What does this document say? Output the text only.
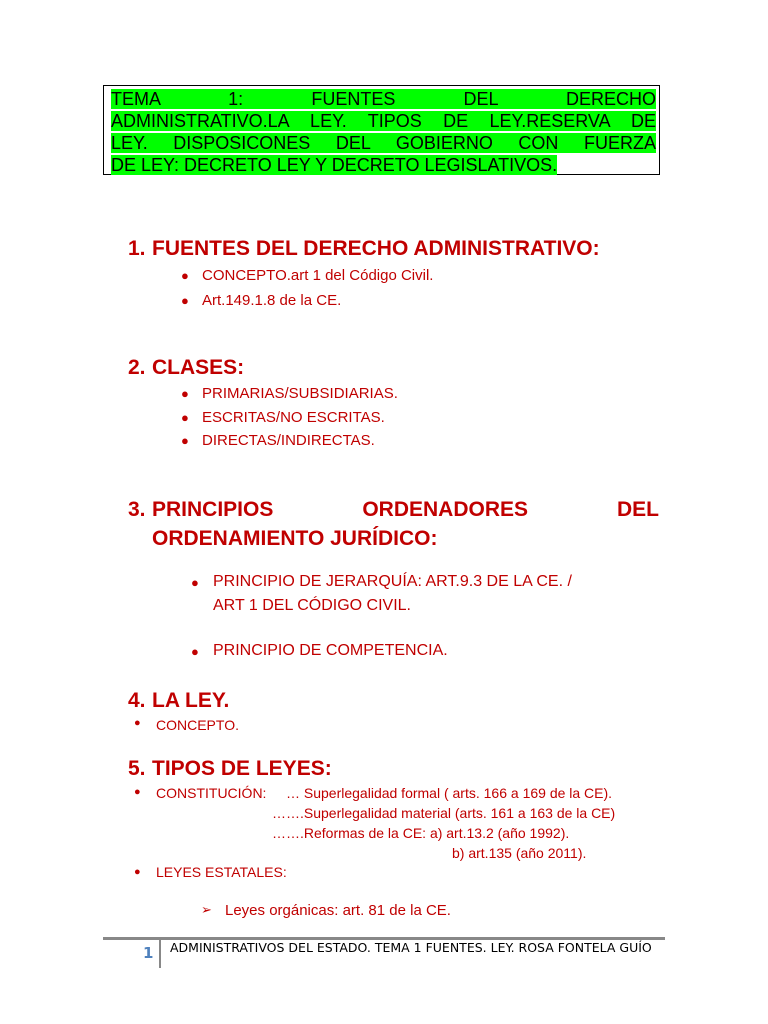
TEMA 1: FUENTES DEL DERECHO
ADMINISTRATIVO.LA LEY. TIPOS DE LEY.RESERVA DE
LEY. DISPOSICONES DEL GOBIERNO CON FUERZA
DE LEY: DECRETO LEY Y DECRETO LEGISLATIVOS.
1. FUENTES DEL DERECHO ADMINISTRATIVO:
● CONCEPTO.art 1 del Código Civil.
● Art.149.1.8 de la CE.
2. CLASES:
● PRIMARIAS/SUBSIDIARIAS.
● ESCRITAS/NO ESCRITAS.
● DIRECTAS/INDIRECTAS.
3. PRINCIPIOS ORDENADORES DEL
ORDENAMIENTO JURÍDICO:
● PRINCIPIO DE JERARQUÍA: ART.9.3 DE LA CE. /
ART 1 DEL CÓDIGO CIVIL.
● PRINCIPIO DE COMPETENCIA.
4. LA LEY.
● CONCEPTO.
5. TIPOS DE LEYES:
● CONSTITUCIÓN: … Superlegalidad formal ( arts. 166 a 169 de la CE).
…….Superlegalidad material (arts. 161 a 163 de la CE)
…….Reformas de la CE: a) art.13.2 (año 1992).
b) art.135 (año 2011).
● LEYES ESTATALES:
➢ Leyes orgánicas: art. 81 de la CE.
1 ADMINISTRATIVOS DEL ESTADO. TEMA 1 FUENTES. LEY. ROSA FONTELA GUÍO
